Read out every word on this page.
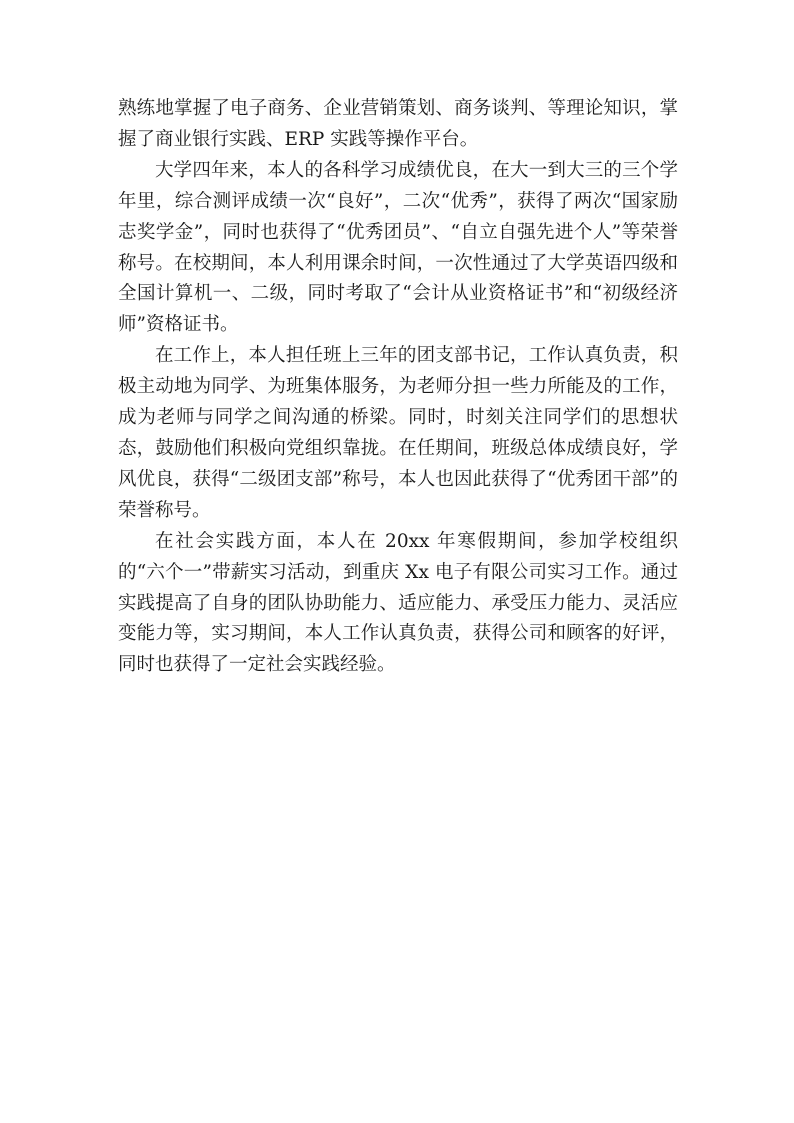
熟练地掌握了电子商务、企业营销策划、商务谈判、等理论知识，掌握了商业银行实践、ERP 实践等操作平台。

大学四年来，本人的各科学习成绩优良，在大一到大三的三个学年里，综合测评成绩一次“良好”，二次“优秀”，获得了两次“国家励志奖学金”，同时也获得了“优秀团员”、“自立自强先进个人”等荣誉称号。在校期间，本人利用课余时间，一次性通过了大学英语四级和全国计算机一、二级，同时考取了“会计从业资格证书”和“初级经济师”资格证书。

在工作上，本人担任班上三年的团支部书记，工作认真负责，积极主动地为同学、为班集体服务，为老师分担一些力所能及的工作，成为老师与同学之间沟通的桥梁。同时，时刻关注同学们的思想状态，鼓励他们积极向党组织靠拢。在任期间，班级总体成绩良好，学风优良，获得“二级团支部”称号，本人也因此获得了“优秀团干部”的荣誉称号。

在社会实践方面，本人在 20xx 年寒假期间，参加学校组织的“六个一”带薪实习活动，到重庆 Xx 电子有限公司实习工作。通过实践提高了自身的团队协助能力、适应能力、承受压力能力、灵活应变能力等，实习期间，本人工作认真负责，获得公司和顾客的好评，同时也获得了一定社会实践经验。
